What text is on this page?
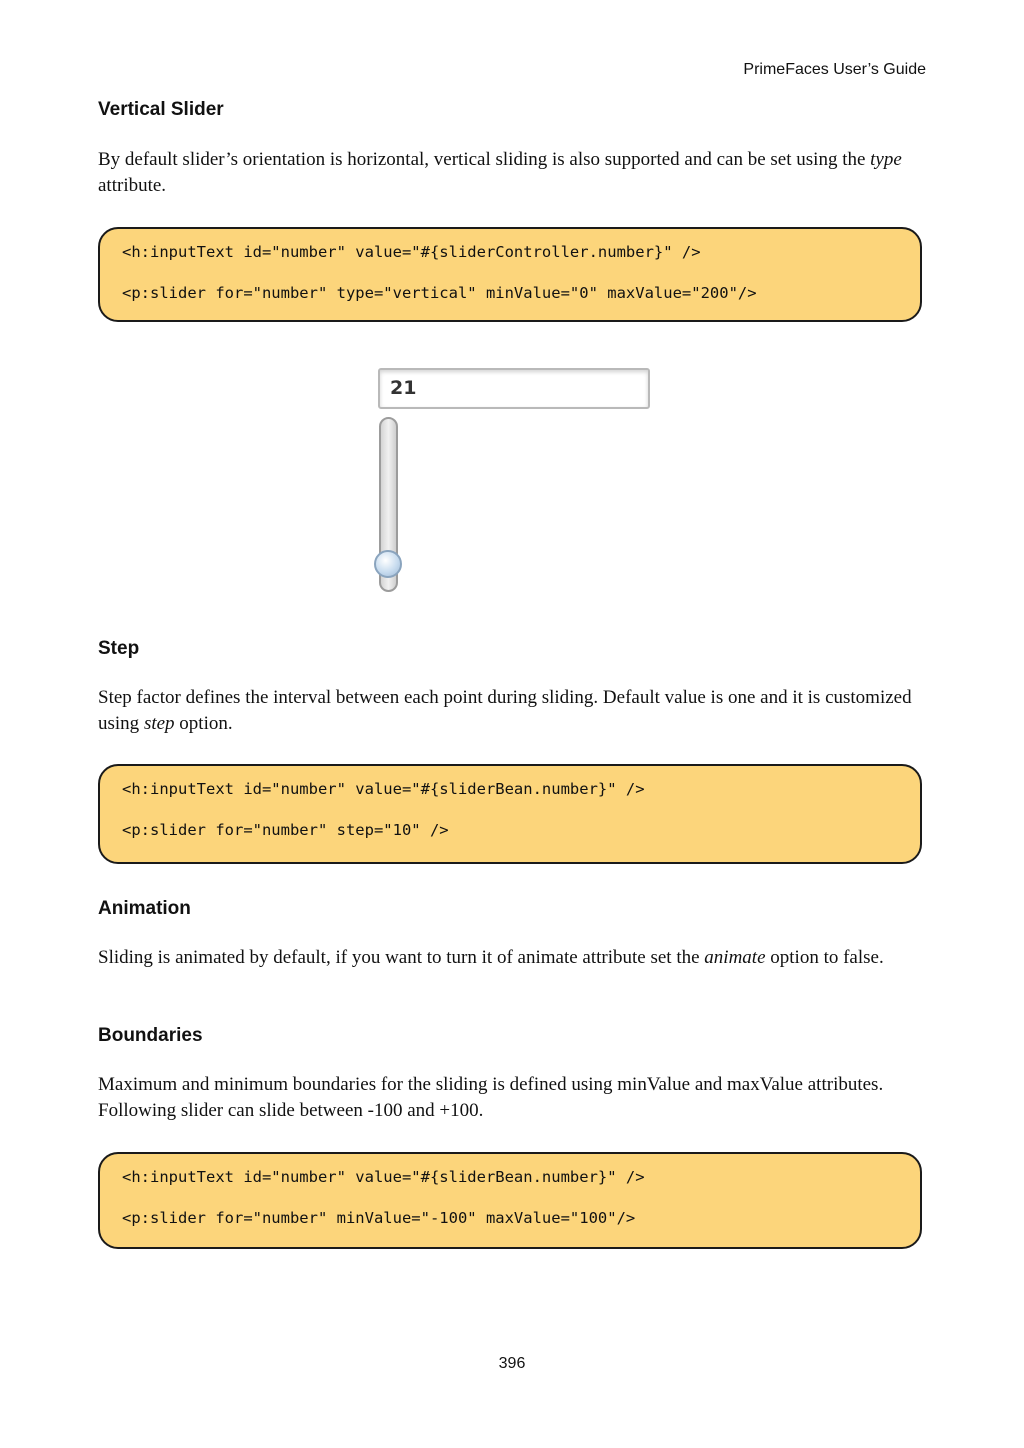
PrimeFaces User’s Guide
Vertical Slider
By default slider’s orientation is horizontal, vertical sliding is also supported and can be set using the type attribute.
<h:inputText id="number" value="#{sliderController.number}" />
<p:slider for="number" type="vertical" minValue="0" maxValue="200"/>
21
Step
Step factor defines the interval between each point during sliding. Default value is one and it is customized using step option.
<h:inputText id="number" value="#{sliderBean.number}" />
<p:slider for="number" step="10" />
Animation
Sliding is animated by default, if you want to turn it of animate attribute set the animate option to false.
Boundaries
Maximum and minimum boundaries for the sliding is defined using minValue and maxValue attributes. Following slider can slide between -100 and +100.
<h:inputText id="number" value="#{sliderBean.number}" />
<p:slider for="number" minValue="-100" maxValue="100"/>
396
